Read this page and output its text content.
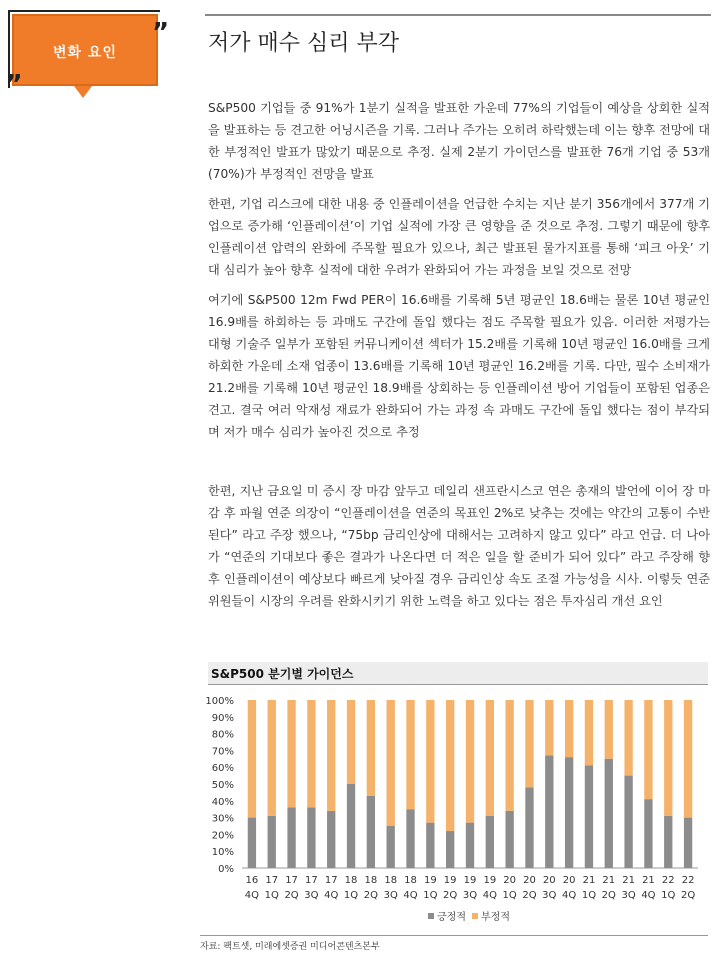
변화 요인
”
„
저가 매수 심리 부각

S&P500 기업들 중 91%가 1분기 실적을 발표한 가운데 77%의 기업들이 예상을 상회한 실적을 발표하는 등 견고한 어닝시즌을 기록. 그러나 주가는 오히려 하락했는데 이는 향후 전망에 대한 부정적인 발표가 많았기 때문으로 추정. 실제 2분기 가이던스를 발표한 76개 기업 중 53개(70%)가 부정적인 전망을 발표

한편, 기업 리스크에 대한 내용 중 인플레이션을 언급한 수치는 지난 분기 356개에서 377개 기업으로 증가해 ‘인플레이션’이 기업 실적에 가장 큰 영향을 준 것으로 추정. 그렇기 때문에 향후 인플레이션 압력의 완화에 주목할 필요가 있으나, 최근 발표된 물가지표를 통해 ‘피크 아웃’ 기대 심리가 높아 향후 실적에 대한 우려가 완화되어 가는 과정을 보일 것으로 전망

여기에 S&P500 12m Fwd PER이 16.6배를 기록해 5년 평균인 18.6배는 물론 10년 평균인 16.9배를 하회하는 등 과매도 구간에 돌입 했다는 점도 주목할 필요가 있음. 이러한 저평가는 대형 기술주 일부가 포함된 커뮤니케이션 섹터가 15.2배를 기록해 10년 평균인 16.0배를 크게 하회한 가운데 소재 업종이 13.6배를 기록해 10년 평균인 16.2배를 기록. 다만, 필수 소비재가 21.2배를 기록해 10년 평균인 18.9배를 상회하는 등 인플레이션 방어 기업들이 포함된 업종은 견고. 결국 여러 악재성 재료가 완화되어 가는 과정 속 과매도 구간에 돌입 했다는 점이 부각되며 저가 매수 심리가 높아진 것으로 추정

한편, 지난 금요일 미 증시 장 마감 앞두고 데일리 샌프란시스코 연은 총재의 발언에 이어 장 마감 후 파월 연준 의장이 “인플레이션을 연준의 목표인 2%로 낮추는 것에는 약간의 고통이 수반된다” 라고 주장 했으나, “75bp 금리인상에 대해서는 고려하지 않고 있다” 라고 언급. 더 나아가 “연준의 기대보다 좋은 결과가 나온다면 더 적은 일을 할 준비가 되어 있다” 라고 주장해 향후 인플레이션이 예상보다 빠르게 낮아질 경우 금리인상 속도 조절 가능성을 시사. 이렇듯 연준위원들이 시장의 우려를 완화시키기 위한 노력을 하고 있다는 점은 투자심리 개선 요인

S&P500 분기별 가이던스
100%
90%
80%
70%
60%
50%
40%
30%
20%
10%
0%
16
4Q
17
1Q
17
2Q
17
3Q
17
4Q
18
1Q
18
2Q
18
3Q
18
4Q
19
1Q
19
2Q
19
3Q
19
4Q
20
1Q
20
2Q
20
3Q
20
4Q
21
1Q
21
2Q
21
3Q
21
4Q
22
1Q
22
2Q
긍정적 부정적
자료: 팩트셋, 미래에셋증권 미디어콘텐츠본부
